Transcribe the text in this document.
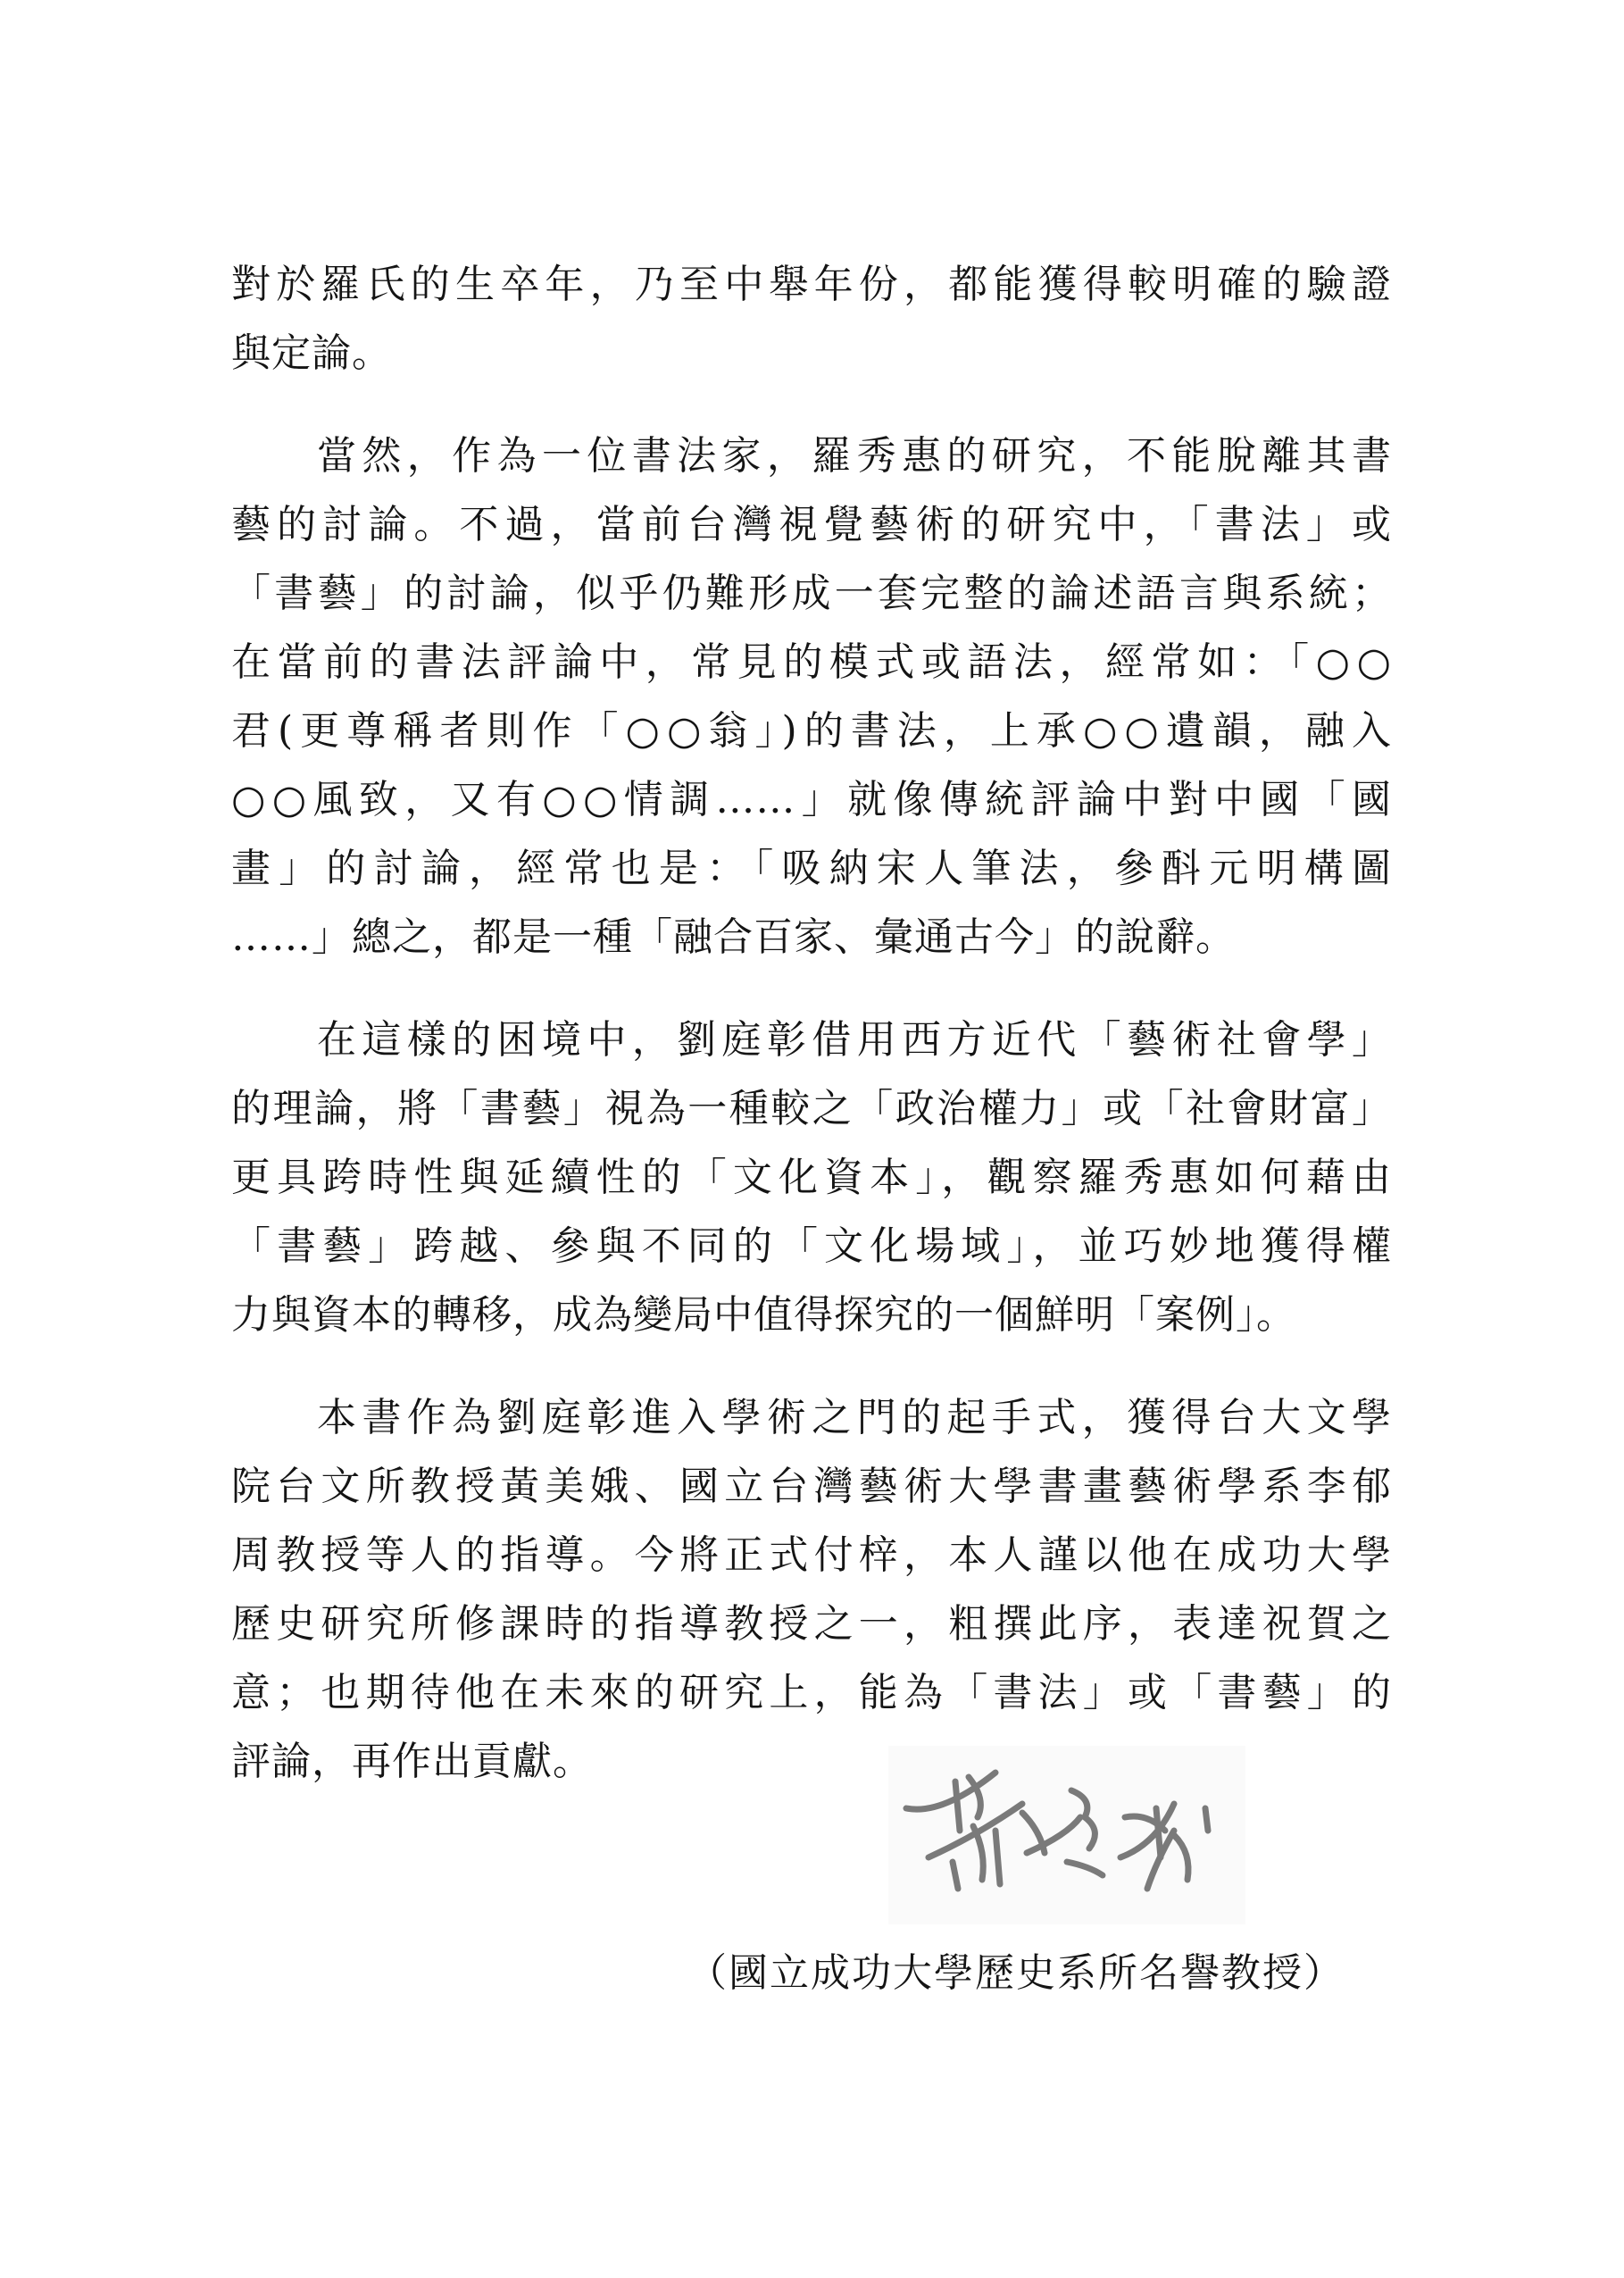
對於羅氏的生卒年，乃至中舉年份，都能獲得較明確的驗證
與定論。

當然，作為一位書法家，羅秀惠的研究，不能脫離其書
藝的討論。不過，當前台灣視覺藝術的研究中，「書法」或
「書藝」的討論，似乎仍難形成一套完整的論述語言與系統；
在當前的書法評論中，常見的模式或語法，經常如：「○○
君(更尊稱者則作「○○翁」)的書法，上承○○遺韻，融入
○○風致，又有○○情調……」就像傳統評論中對中國「國
畫」的討論，經常也是：「吸納宋人筆法，參酙元明構圖
……」總之，都是一種「融合百家、彙通古今」的說辭。

在這樣的困境中，劉庭彰借用西方近代「藝術社會學」
的理論，將「書藝」視為一種較之「政治權力」或「社會財富」
更具跨時性與延續性的「文化資本」，觀察羅秀惠如何藉由
「書藝」跨越、參與不同的「文化場域」，並巧妙地獲得權
力與資本的轉移，成為變局中值得探究的一個鮮明「案例」。

本書作為劉庭彰進入學術之門的起手式，獲得台大文學
院台文所教授黃美娥、國立台灣藝術大學書畫藝術學系李郁
周教授等人的指導。今將正式付梓，本人謹以他在成功大學
歷史研究所修課時的指導教授之一，粗撰此序，表達祝賀之
意；也期待他在未來的研究上，能為「書法」或「書藝」的
評論，再作出貢獻。

（國立成功大學歷史系所名譽教授）
